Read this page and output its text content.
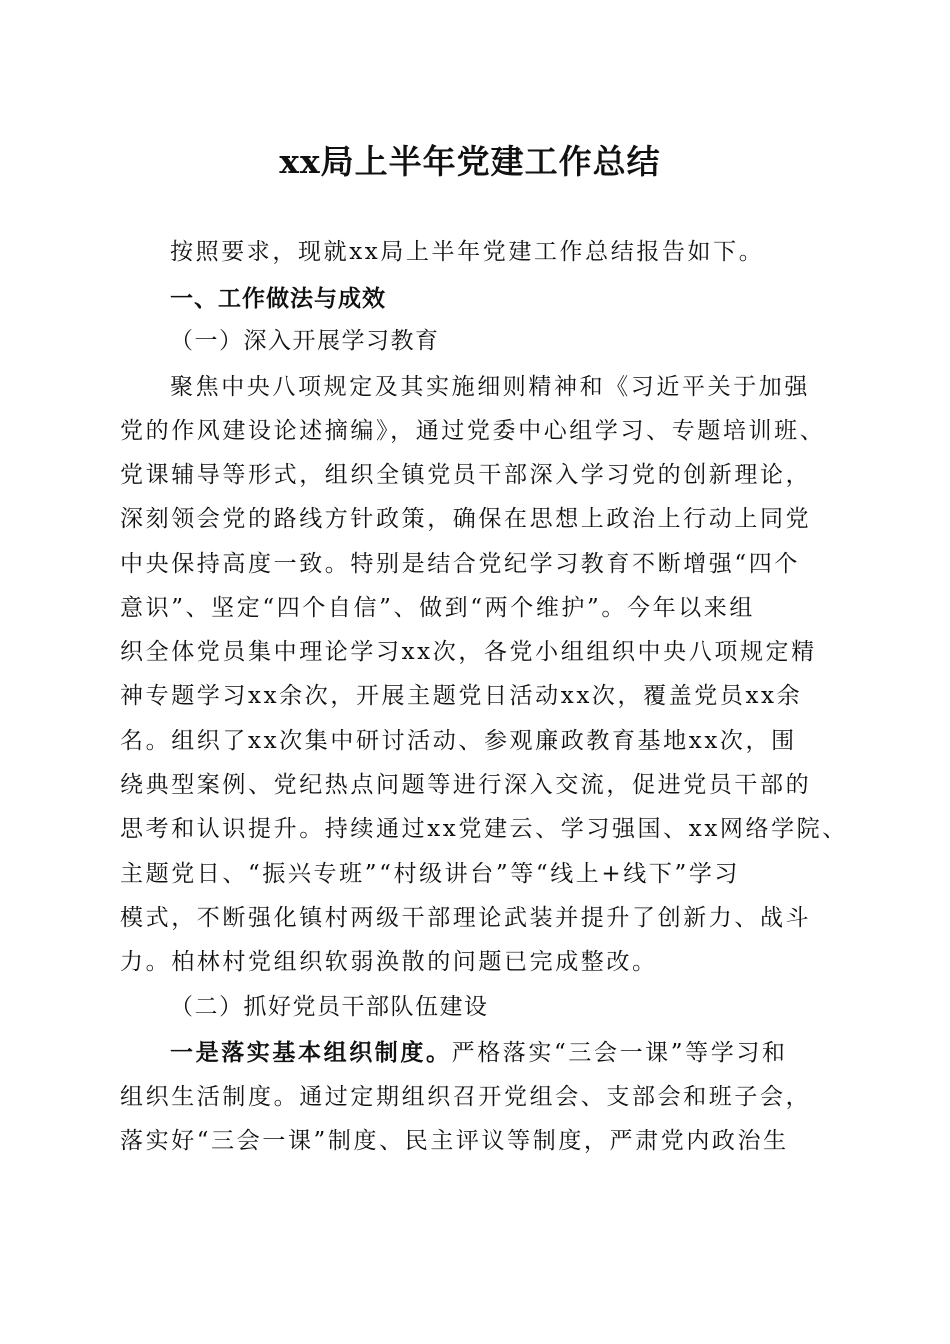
xx局上半年党建工作总结
按照要求，现就xx局上半年党建工作总结报告如下。
一、工作做法与成效
（一）深入开展学习教育
聚焦中央八项规定及其实施细则精神和《习近平关于加强
党的作风建设论述摘编》，通过党委中心组学习、专题培训班、
党课辅导等形式，组织全镇党员干部深入学习党的创新理论，
深刻领会党的路线方针政策，确保在思想上政治上行动上同党
中央保持高度一致。特别是结合党纪学习教育不断增强“四个
意识”、坚定“四个自信”、做到“两个维护”。今年以来组
织全体党员集中理论学习xx次，各党小组组织中央八项规定精
神专题学习xx余次，开展主题党日活动xx次，覆盖党员xx余
名。组织了xx次集中研讨活动、参观廉政教育基地xx次，围
绕典型案例、党纪热点问题等进行深入交流，促进党员干部的
思考和认识提升。持续通过xx党建云、学习强国、xx网络学院、
主题党日、“振兴专班”“村级讲台”等“线上+线下”学习
模式，不断强化镇村两级干部理论武装并提升了创新力、战斗
力。柏林村党组织软弱涣散的问题已完成整改。
（二）抓好党员干部队伍建设
一是落实基本组织制度。严格落实“三会一课”等学习和
组织生活制度。通过定期组织召开党组会、支部会和班子会，
落实好“三会一课”制度、民主评议等制度，严肃党内政治生
